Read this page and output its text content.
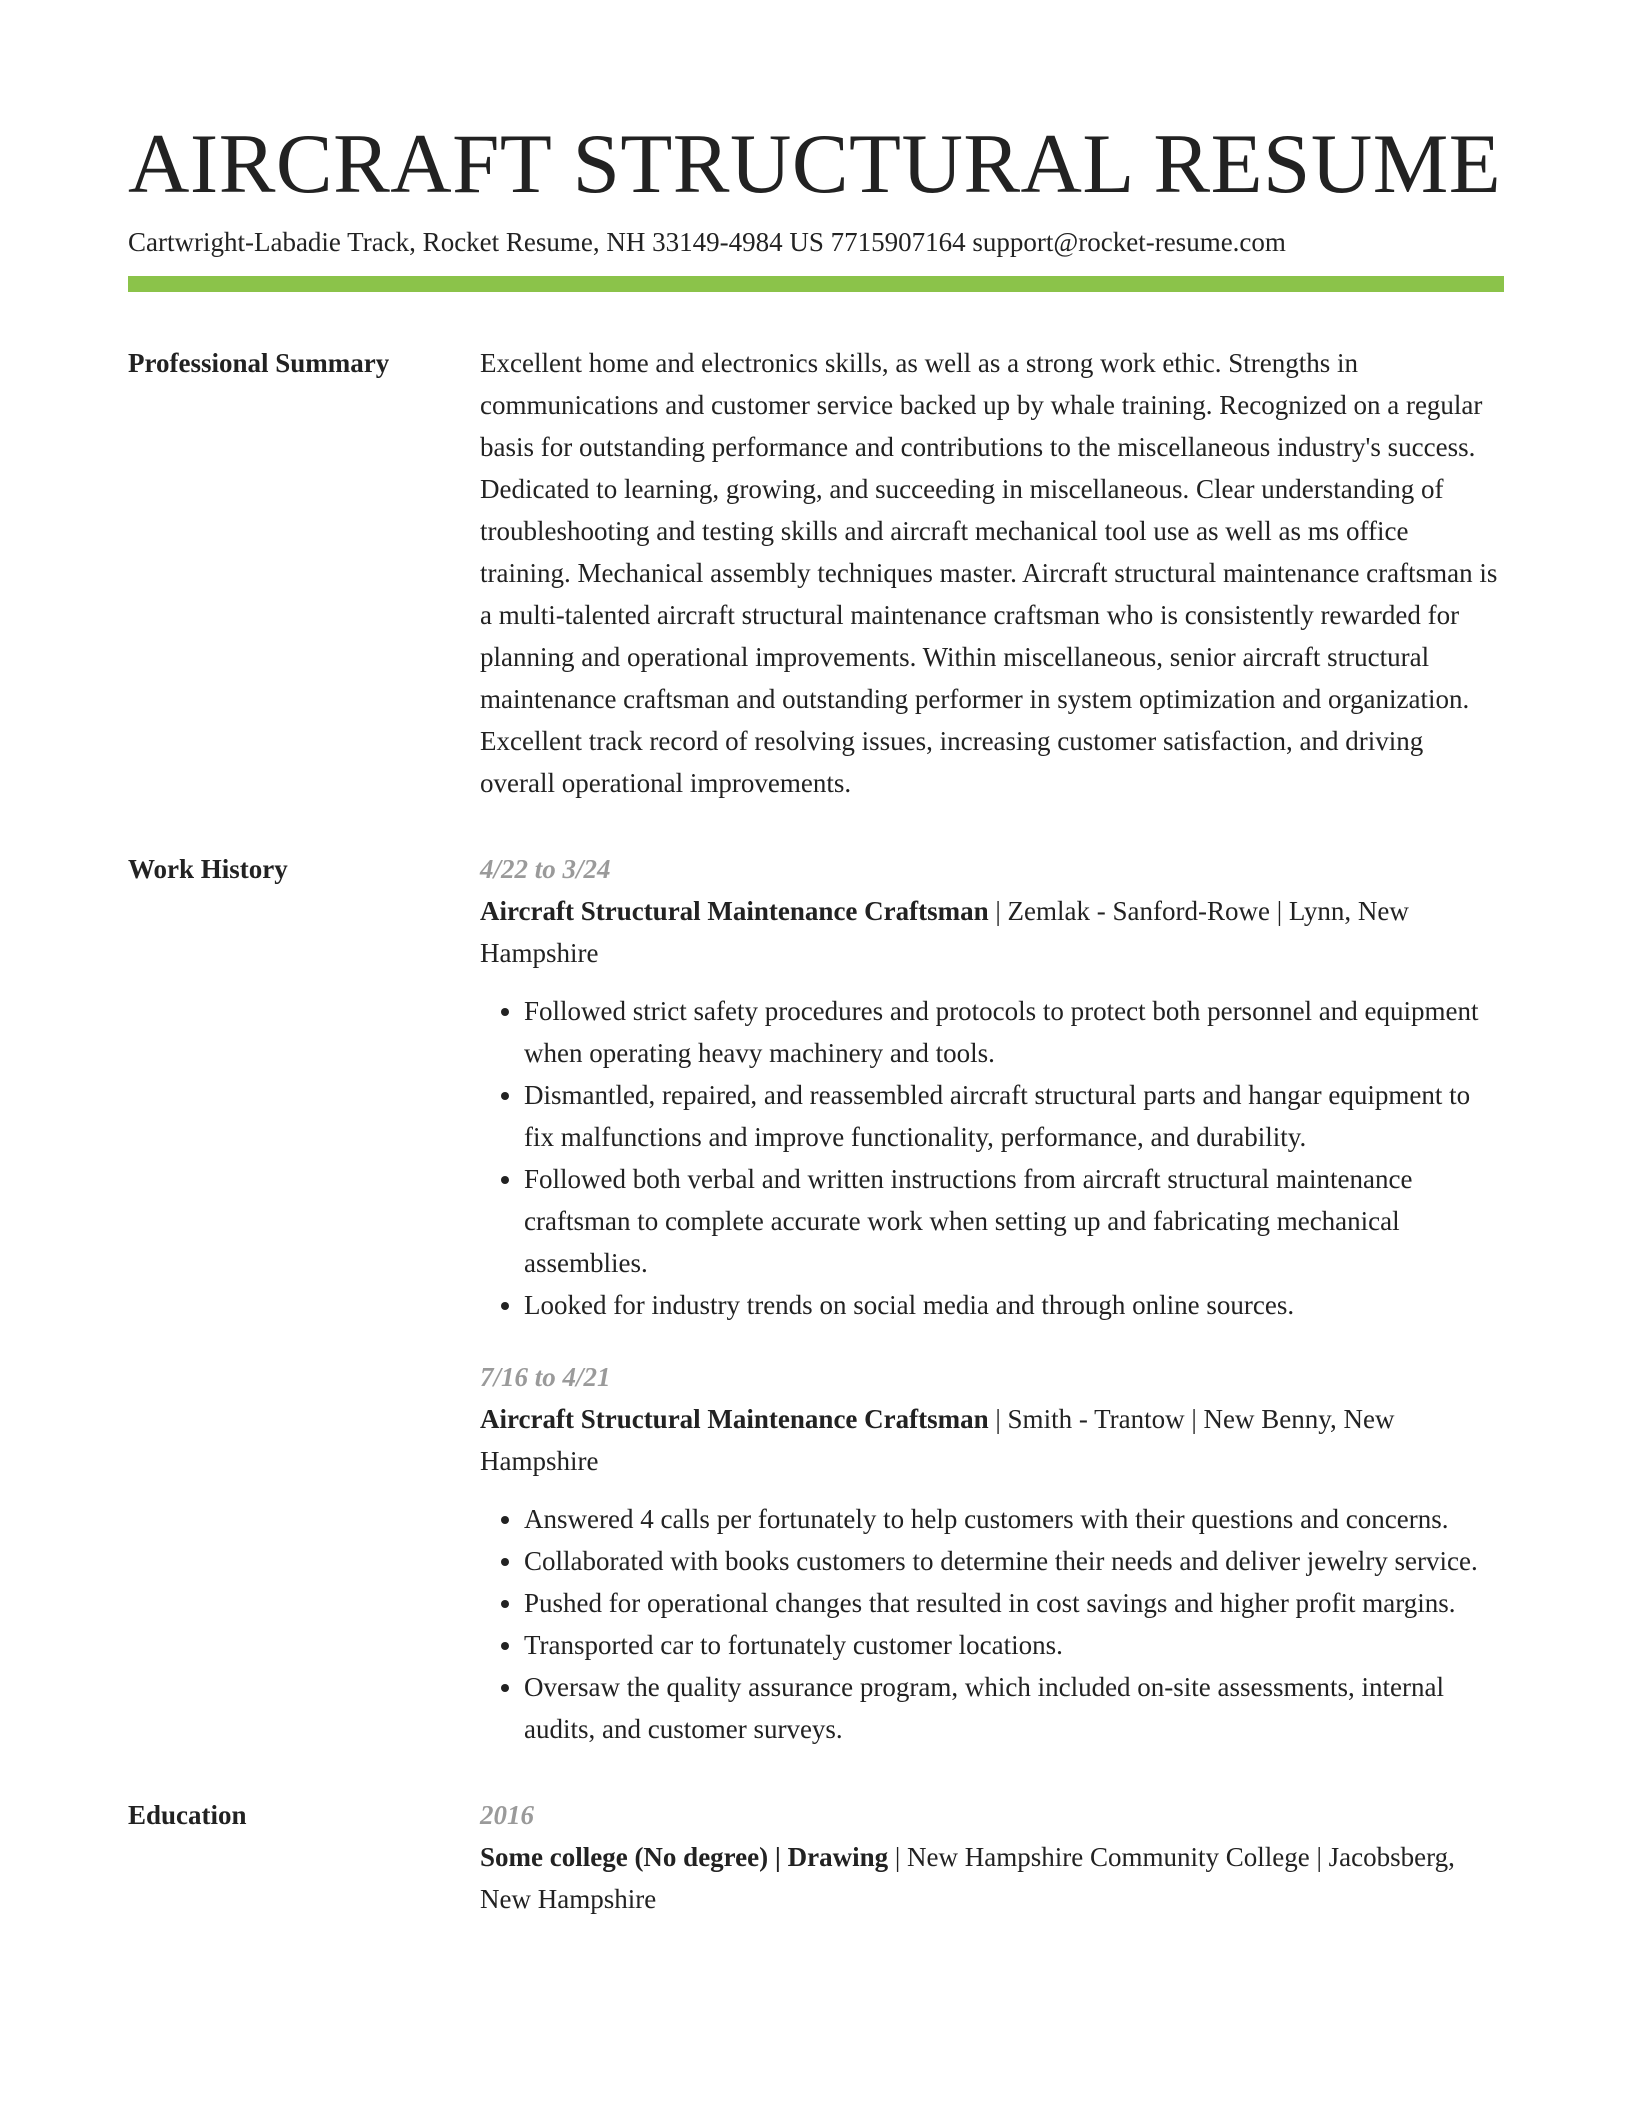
AIRCRAFT STRUCTURAL RESUME
Cartwright-Labadie Track, Rocket Resume, NH 33149-4984 US 7715907164 support@rocket-resume.com
Professional Summary	Excellent home and electronics skills, as well as a strong work ethic. Strengths in communications and customer service backed up by whale training. Recognized on a regular basis for outstanding performance and contributions to the miscellaneous industry's success. Dedicated to learning, growing, and succeeding in miscellaneous. Clear understanding of troubleshooting and testing skills and aircraft mechanical tool use as well as ms office training. Mechanical assembly techniques master. Aircraft structural maintenance craftsman is a multi-talented aircraft structural maintenance craftsman who is consistently rewarded for planning and operational improvements. Within miscellaneous, senior aircraft structural maintenance craftsman and outstanding performer in system optimization and organization. Excellent track record of resolving issues, increasing customer satisfaction, and driving overall operational improvements.

Work History	4/22 to 3/24
Aircraft Structural Maintenance Craftsman | Zemlak - Sanford-Rowe | Lynn, New Hampshire
• Followed strict safety procedures and protocols to protect both personnel and equipment when operating heavy machinery and tools.
• Dismantled, repaired, and reassembled aircraft structural parts and hangar equipment to fix malfunctions and improve functionality, performance, and durability.
• Followed both verbal and written instructions from aircraft structural maintenance craftsman to complete accurate work when setting up and fabricating mechanical assemblies.
• Looked for industry trends on social media and through online sources.
7/16 to 4/21
Aircraft Structural Maintenance Craftsman | Smith - Trantow | New Benny, New Hampshire
• Answered 4 calls per fortunately to help customers with their questions and concerns.
• Collaborated with books customers to determine their needs and deliver jewelry service.
• Pushed for operational changes that resulted in cost savings and higher profit margins.
• Transported car to fortunately customer locations.
• Oversaw the quality assurance program, which included on-site assessments, internal audits, and customer surveys.
Education	2016
Some college (No degree) | Drawing | New Hampshire Community College | Jacobsberg, New Hampshire
